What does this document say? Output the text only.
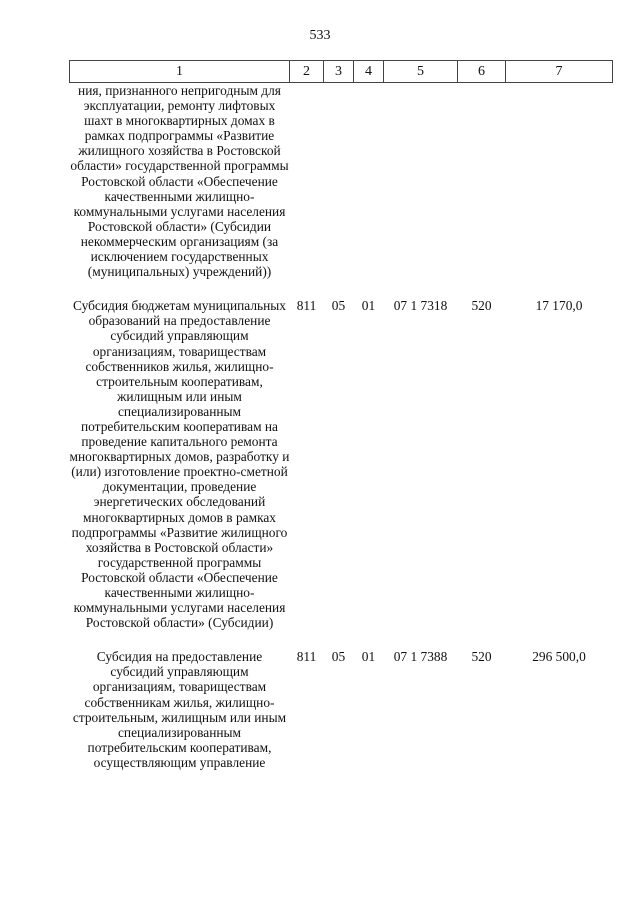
533
1	2	3	4	5	6	7
ния, признанного непригодным для эксплуатации, ремонту лифтовых шахт в многоквартирных домах в рамках подпрограммы «Развитие жилищного хозяйства в Ростовской области» государственной программы Ростовской области «Обеспечение качественными жилищно-коммунальными услугами населения Ростовской области» (Субсидии некоммерческим организациям (за исключением государственных (муниципальных) учреждений))						
Субсидия бюджетам муниципальных образований на предоставление субсидий управляющим организациям, товариществам собственников жилья, жилищно-строительным кооперативам, жилищным или иным специализированным потребительским кооперативам на проведение капитального ремонта многоквартирных домов, разработку и (или) изготовление проектно-сметной документации, проведение энергетических обследований многоквартирных домов в рамках подпрограммы «Развитие жилищного хозяйства в Ростовской области» государственной программы Ростовской области «Обеспечение качественными жилищно-коммунальными услугами населения Ростовской области» (Субсидии)	811	05	01	07 1 7318	520	17 170,0
Субсидия на предоставление субсидий управляющим организациям, товариществам собственникам жилья, жилищно-строительным, жилищным или иным специализированным потребительским кооперативам, осуществляющим управление	811	05	01	07 1 7388	520	296 500,0
